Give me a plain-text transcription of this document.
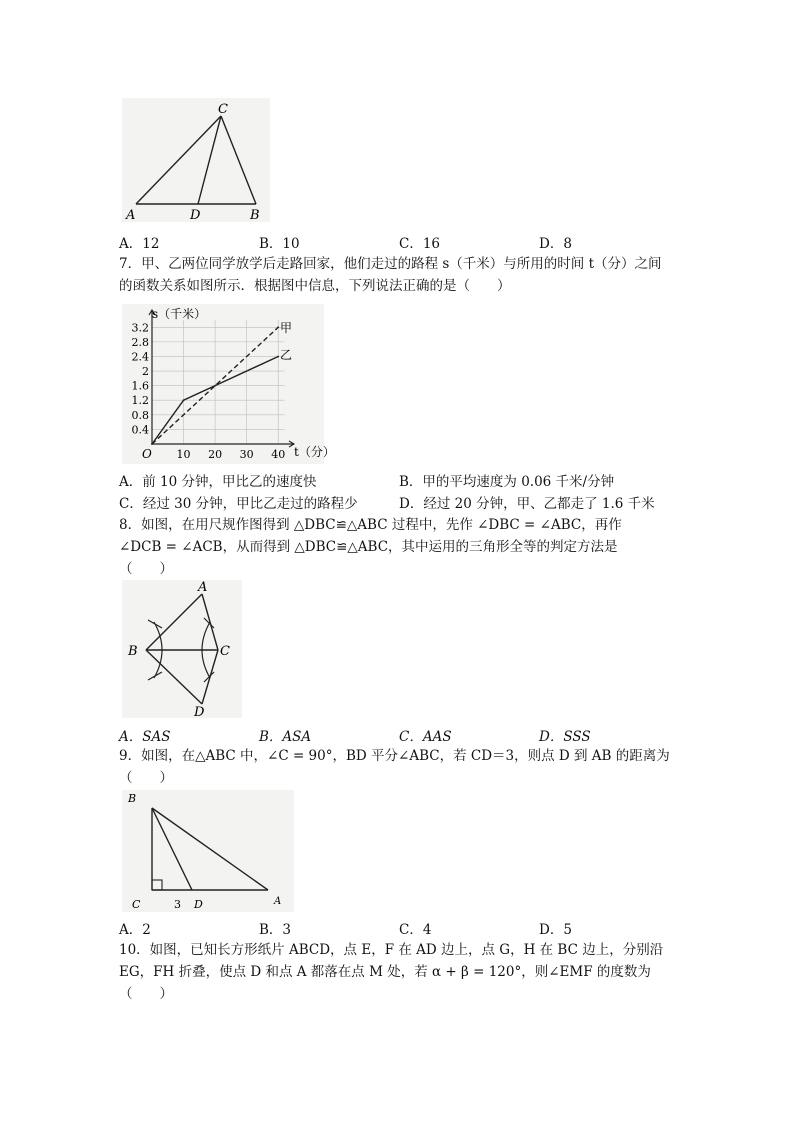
C
A	D	B
A．12	B．10	C．16	D．8
7．甲、乙两位同学放学后走路回家，他们走过的路程 s（千米）与所用的时间 t（分）之间
的函数关系如图所示．根据图中信息，下列说法正确的是（　　）
0.4
0.8
1.2
1.6
2
2.4
2.8
3.2
10 20 30 40
s（千米）
t（分）
O
甲
乙
A．前 10 分钟，甲比乙的速度快	B．甲的平均速度为 0.06 千米/分钟
C．经过 30 分钟，甲比乙走过的路程少	D．经过 20 分钟，甲、乙都走了 1.6 千米
8．如图，在用尺规作图得到 △DBC≌△ABC 过程中，先作 ∠DBC = ∠ABC，再作
∠DCB = ∠ACB，从而得到 △DBC≌△ABC，其中运用的三角形全等的判定方法是
（　　）
A
B	C
D
A．SAS	B．ASA	C．AAS	D．SSS
9．如图，在△ABC 中，∠C = 90°，BD 平分∠ABC，若 CD＝3，则点 D 到 AB 的距离为
（　　）
B
C	3 D	A
A．2	B．3	C．4	D．5
10．如图，已知长方形纸片 ABCD，点 E，F 在 AD 边上，点 G，H 在 BC 边上，分别沿
EG，FH 折叠，使点 D 和点 A 都落在点 M 处，若 α + β = 120°，则∠EMF 的度数为
（　　）
